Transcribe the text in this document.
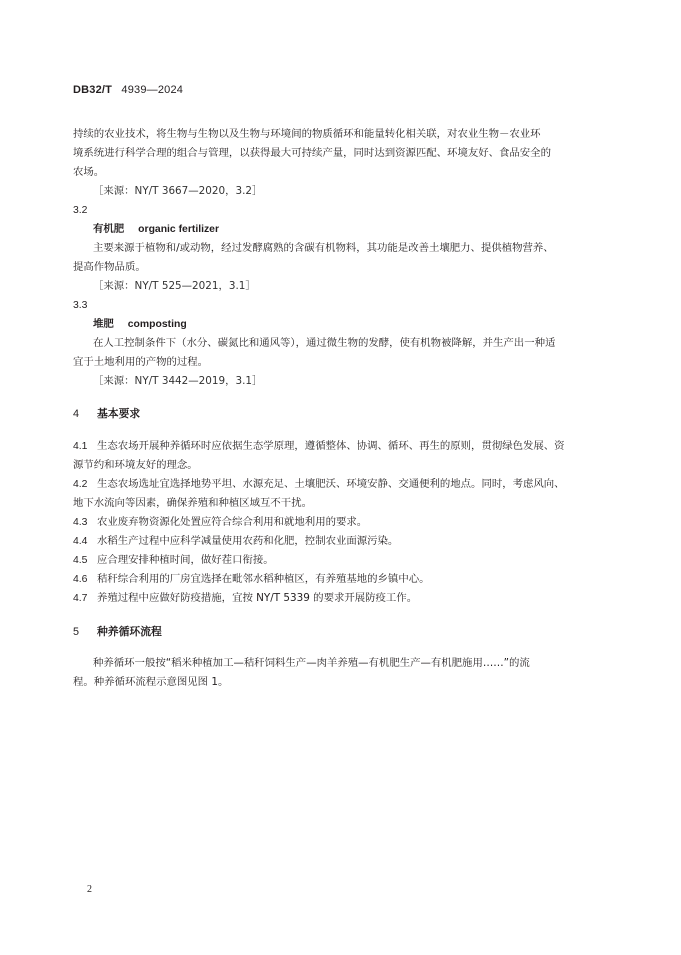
DB32/T 4939—2024
持续的农业技术，将生物与生物以及生物与环境间的物质循环和能量转化相关联，对农业生物－农业环
境系统进行科学合理的组合与管理，以获得最大可持续产量，同时达到资源匹配、环境友好、食品安全的
农场。
［来源：NY/T 3667—2020，3.2］
3.2
有机肥 organic fertilizer
主要来源于植物和/或动物，经过发酵腐熟的含碳有机物料，其功能是改善土壤肥力、提供植物营养、
提高作物品质。
［来源：NY/T 525—2021，3.1］
3.3
堆肥 composting
在人工控制条件下（水分、碳氮比和通风等），通过微生物的发酵，使有机物被降解，并生产出一种适
宜于土地利用的产物的过程。
［来源：NY/T 3442—2019，3.1］
4 基本要求
4.1 生态农场开展种养循环时应依据生态学原理，遵循整体、协调、循环、再生的原则，贯彻绿色发展、资
源节约和环境友好的理念。
4.2 生态农场选址宜选择地势平坦、水源充足、土壤肥沃、环境安静、交通便利的地点。同时，考虑风向、
地下水流向等因素，确保养殖和种植区域互不干扰。
4.3 农业废弃物资源化处置应符合综合利用和就地利用的要求。
4.4 水稻生产过程中应科学减量使用农药和化肥，控制农业面源污染。
4.5 应合理安排种植时间，做好茬口衔接。
4.6 秸秆综合利用的厂房宜选择在毗邻水稻种植区，有养殖基地的乡镇中心。
4.7 养殖过程中应做好防疫措施，宜按 NY/T 5339 的要求开展防疫工作。
5 种养循环流程
种养循环一般按“稻米种植加工—秸秆饲料生产—肉羊养殖—有机肥生产—有机肥施用……”的流
程。种养循环流程示意图见图 1。
2
